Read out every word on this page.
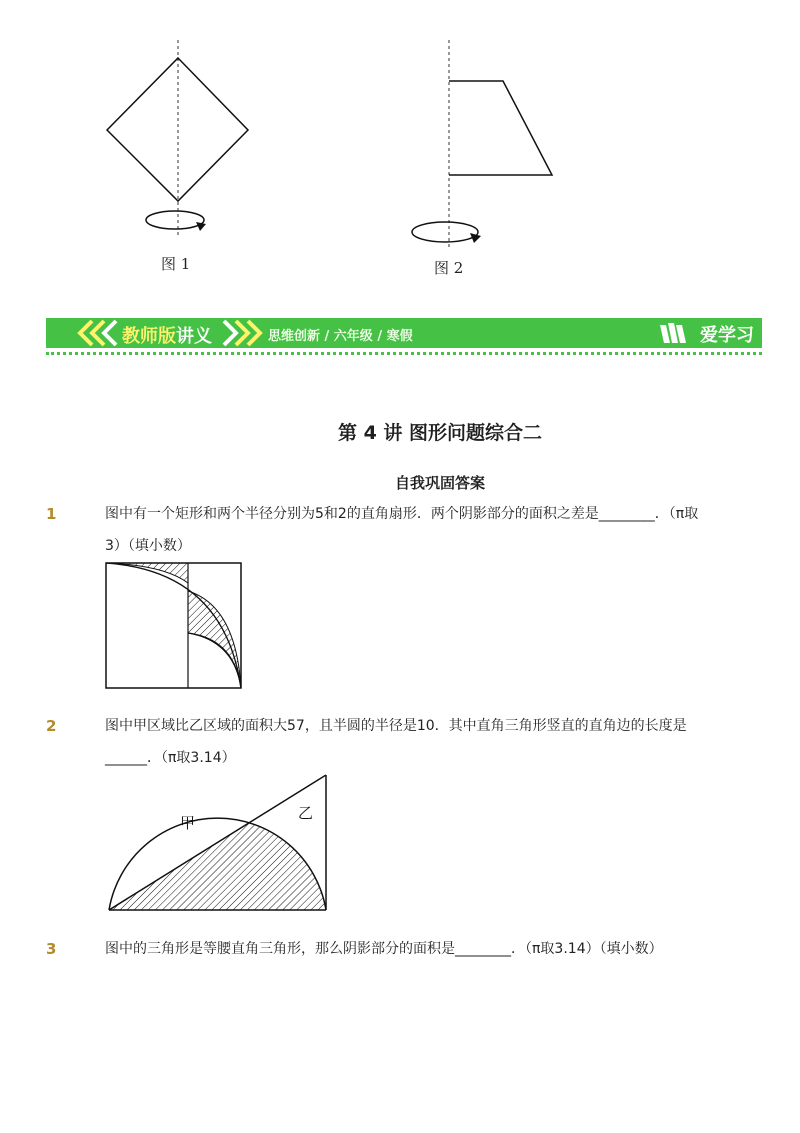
图 1	图 2
教师版讲义	思维创新 / 六年级 / 寒假	爱学习
第 4 讲 图形问题综合二
自我巩固答案
1	图中有一个矩形和两个半径分别为5和2的直角扇形．两个阴影部分的面积之差是________．（π取
3）（填小数）
2	图中甲区域比乙区域的面积大57，且半圆的半径是10．其中直角三角形竖直的直角边的长度是
______．（π取3.14）
甲
乙
3	图中的三角形是等腰直角三角形，那么阴影部分的面积是________．（π取3.14）（填小数）
